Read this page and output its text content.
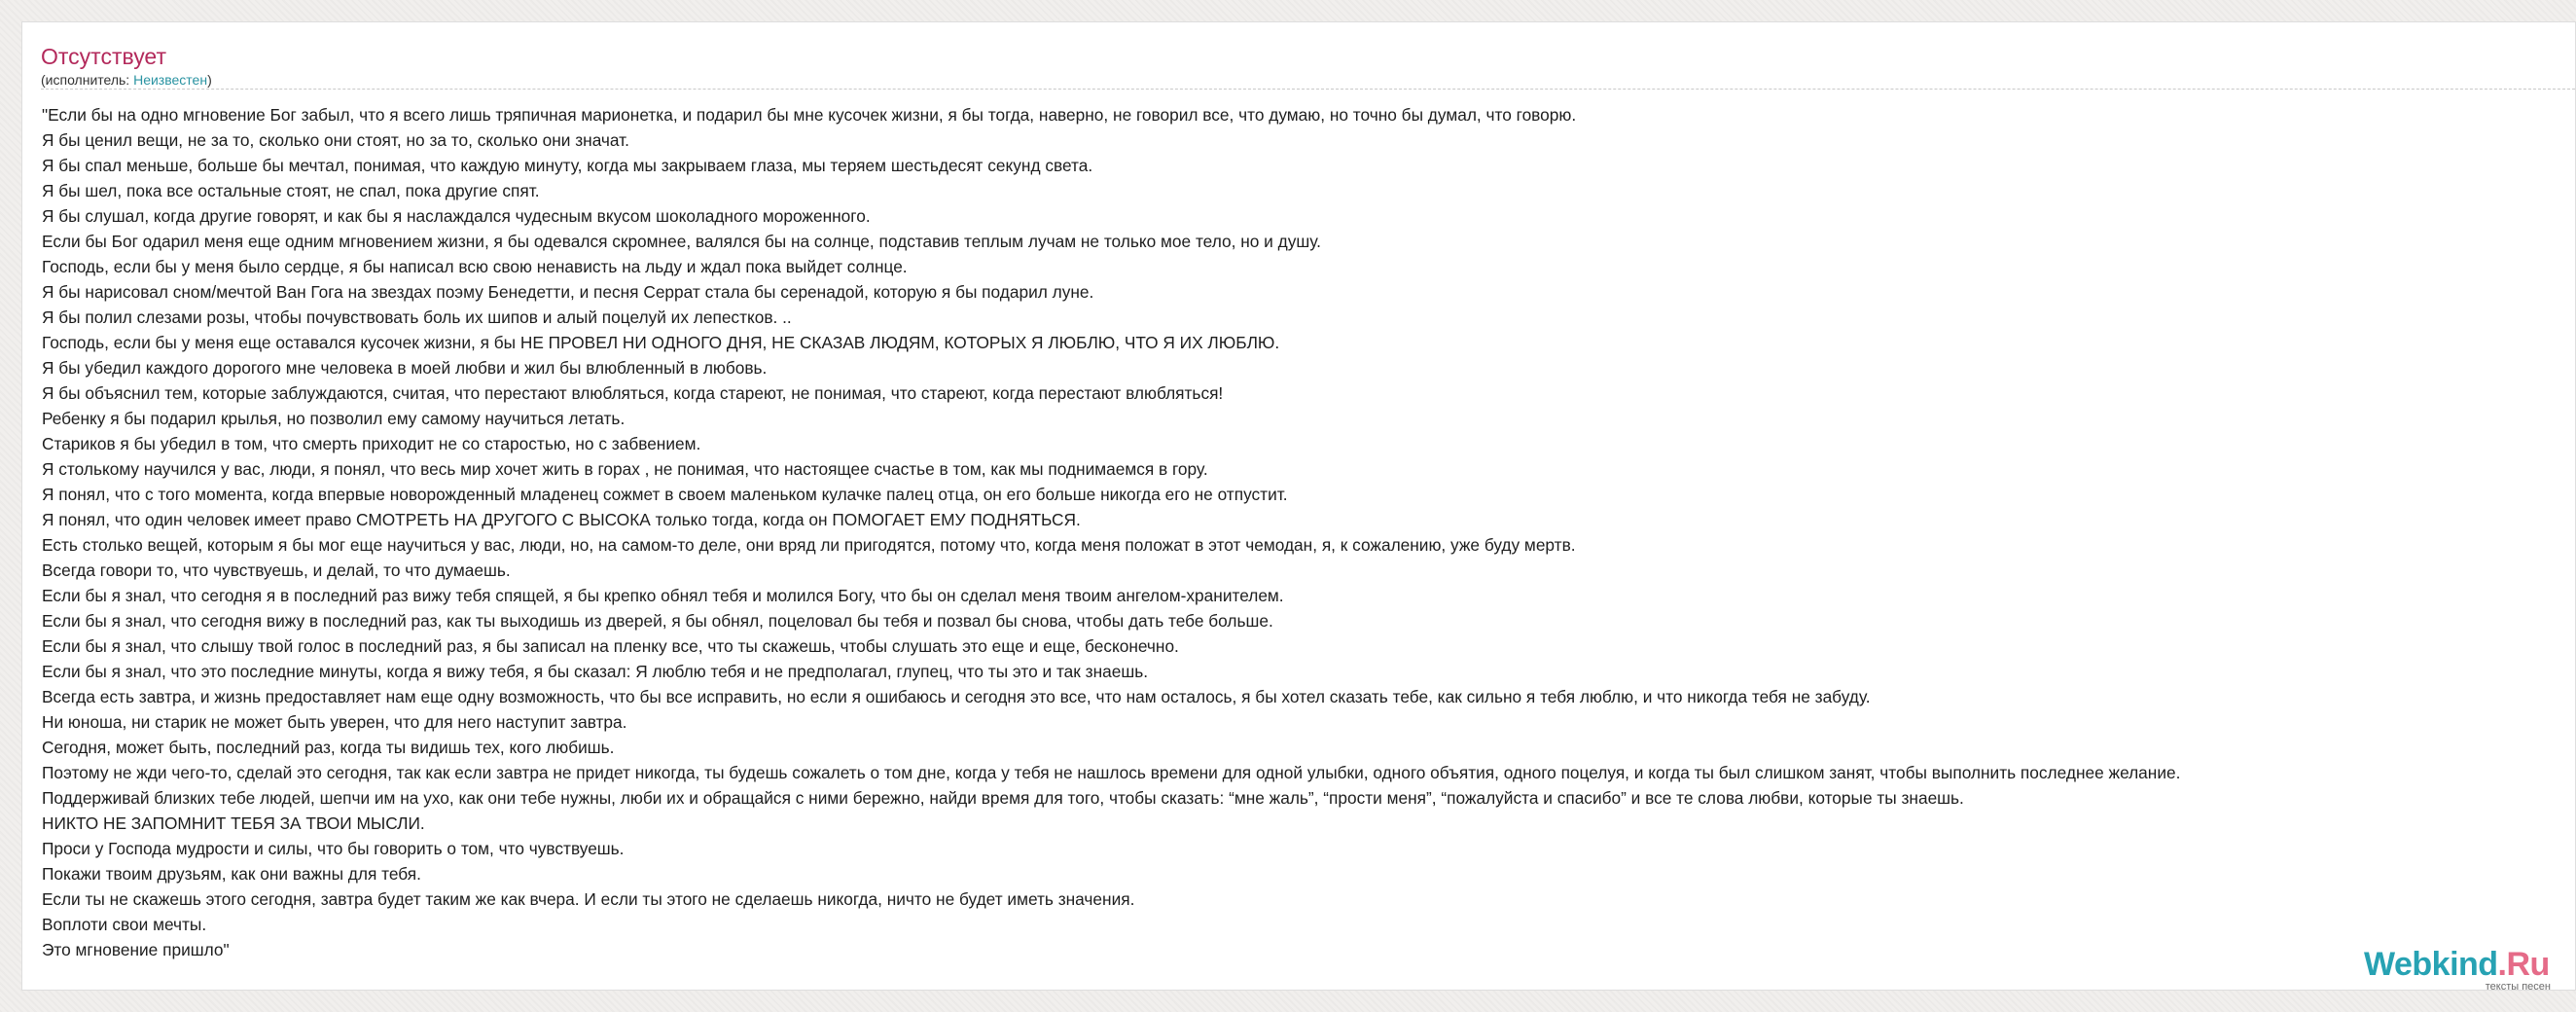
Отсутствует
(исполнитель: Неизвестен)
"Если бы на одно мгновение Бог забыл, что я всего лишь тряпичная марионетка, и подарил бы мне кусочек жизни, я бы тогда, наверно, не говорил все, что думаю, но точно бы думал, что говорю.
Я бы ценил вещи, не за то, сколько они стоят, но за то, сколько они значат.
Я бы спал меньше, больше бы мечтал, понимая, что каждую минуту, когда мы закрываем глаза, мы теряем шестьдесят секунд света.
Я бы шел, пока все остальные стоят, не спал, пока другие спят.
Я бы слушал, когда другие говорят, и как бы я наслаждался чудесным вкусом шоколадного мороженного.
Если бы Бог одарил меня еще одним мгновением жизни, я бы одевался скромнее, валялся бы на солнце, подставив теплым лучам не только мое тело, но и душу.
Господь, если бы у меня было сердце, я бы написал всю свою ненависть на льду и ждал пока выйдет солнце.
Я бы нарисовал сном/мечтой Ван Гога на звездах поэму Бенедетти, и песня Серрат стала бы серенадой, которую я бы подарил луне.
Я бы полил слезами розы, чтобы почувствовать боль их шипов и алый поцелуй их лепестков. ..
Господь, если бы у меня еще оставался кусочек жизни, я бы НЕ ПРОВЕЛ НИ ОДНОГО ДНЯ, НЕ СКАЗАВ ЛЮДЯМ, КОТОРЫХ Я ЛЮБЛЮ, ЧТО Я ИХ ЛЮБЛЮ.
Я бы убедил каждого дорогого мне человека в моей любви и жил бы влюбленный в любовь.
Я бы объяснил тем, которые заблуждаются, считая, что перестают влюбляться, когда стареют, не понимая, что стареют, когда перестают влюбляться!
Ребенку я бы подарил крылья, но позволил ему самому научиться летать.
Стариков я бы убедил в том, что смерть приходит не со старостью, но с забвением.
Я столькому научился у вас, люди, я понял, что весь мир хочет жить в горах , не понимая, что настоящее счастье в том, как мы поднимаемся в гору.
Я понял, что с того момента, когда впервые новорожденный младенец сожмет в своем маленьком кулачке палец отца, он его больше никогда его не отпустит.
Я понял, что один человек имеет право СМОТРЕТЬ НА ДРУГОГО С ВЫСОКА только тогда, когда он ПОМОГАЕТ ЕМУ ПОДНЯТЬСЯ.
Есть столько вещей, которым я бы мог еще научиться у вас, люди, но, на самом-то деле, они вряд ли пригодятся, потому что, когда меня положат в этот чемодан, я, к сожалению, уже буду мертв.
Всегда говори то, что чувствуешь, и делай, то что думаешь.
Если бы я знал, что сегодня я в последний раз вижу тебя спящей, я бы крепко обнял тебя и молился Богу, что бы он сделал меня твоим ангелом-хранителем.
Если бы я знал, что сегодня вижу в последний раз, как ты выходишь из дверей, я бы обнял, поцеловал бы тебя и позвал бы снова, чтобы дать тебе больше.
Если бы я знал, что слышу твой голос в последний раз, я бы записал на пленку все, что ты скажешь, чтобы слушать это еще и еще, бесконечно.
Если бы я знал, что это последние минуты, когда я вижу тебя, я бы сказал: Я люблю тебя и не предполагал, глупец, что ты это и так знаешь.
Всегда есть завтра, и жизнь предоставляет нам еще одну возможность, что бы все исправить, но если я ошибаюсь и сегодня это все, что нам осталось, я бы хотел сказать тебе, как сильно я тебя люблю, и что никогда тебя не забуду.
Ни юноша, ни старик не может быть уверен, что для него наступит завтра.
Сегодня, может быть, последний раз, когда ты видишь тех, кого любишь.
Поэтому не жди чего-то, сделай это сегодня, так как если завтра не придет никогда, ты будешь сожалеть о том дне, когда у тебя не нашлось времени для одной улыбки, одного объятия, одного поцелуя, и когда ты был слишком занят, чтобы выполнить последнее желание.
Поддерживай близких тебе людей, шепчи им на ухо, как они тебе нужны, люби их и обращайся с ними бережно, найди время для того, чтобы сказать: “мне жаль”, “прости меня”, “пожалуйста и спасибо” и все те слова любви, которые ты знаешь.
НИКТО НЕ ЗАПОМНИТ ТЕБЯ ЗА ТВОИ МЫСЛИ.
Проси у Господа мудрости и силы, что бы говорить о том, что чувствуешь.
Покажи твоим друзьям, как они важны для тебя.
Если ты не скажешь этого сегодня, завтра будет таким же как вчера. И если ты этого не сделаешь никогда, ничто не будет иметь значения.
Воплоти свои мечты.
Это мгновение пришло"	Webkind.Ru
тексты песен
